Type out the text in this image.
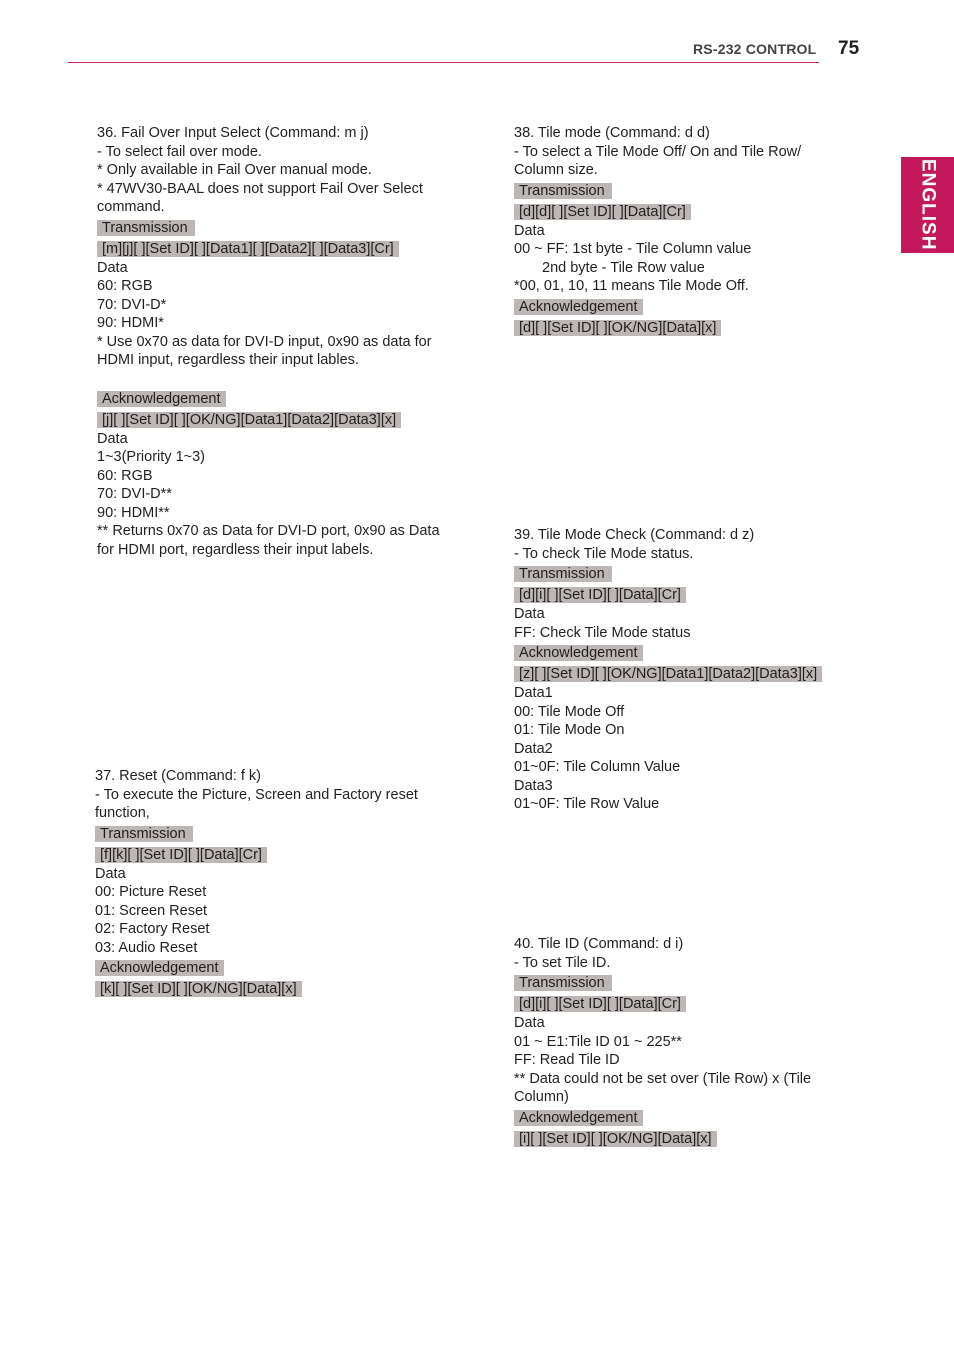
RS-232 CONTROL 75
ENGLISH
36. Fail Over Input Select (Command: m j)
- To select fail over mode.
* Only available in Fail Over manual mode.
* 47WV30-BAAL does not support Fail Over Select command.
Transmission
[m][j][ ][Set ID][ ][Data1][ ][Data2][ ][Data3][Cr]
Data
60: RGB
70: DVI-D*
90: HDMI*
* Use 0x70 as data for DVI-D input, 0x90 as data for HDMI input, regardless their input lables.
Acknowledgement
[j][ ][Set ID][ ][OK/NG][Data1][Data2][Data3][x]
Data
1~3(Priority 1~3)
60: RGB
70: DVI-D**
90: HDMI**
** Returns 0x70 as Data for DVI-D port, 0x90 as Data for HDMI port, regardless their input labels.
37. Reset (Command: f k)
- To execute the Picture, Screen and Factory reset function,
Transmission
[f][k][ ][Set ID][ ][Data][Cr]
Data
00: Picture Reset
01: Screen Reset
02: Factory Reset
03: Audio Reset
Acknowledgement
[k][ ][Set ID][ ][OK/NG][Data][x]
38. Tile mode (Command: d d)
- To select a Tile Mode Off/ On and Tile Row/ Column size.
Transmission
[d][d][ ][Set ID][ ][Data][Cr]
Data
00 ~ FF: 1st byte - Tile Column value
2nd byte - Tile Row value
*00, 01, 10, 11 means Tile Mode Off.
Acknowledgement
[d][ ][Set ID][ ][OK/NG][Data][x]
39. Tile Mode Check (Command: d z)
- To check Tile Mode status.
Transmission
[d][i][ ][Set ID][ ][Data][Cr]
Data
FF: Check Tile Mode status
Acknowledgement
[z][ ][Set ID][ ][OK/NG][Data1][Data2][Data3][x]
Data1
00: Tile Mode Off
01: Tile Mode On
Data2
01~0F: Tile Column Value
Data3
01~0F: Tile Row Value
40. Tile ID (Command: d i)
- To set Tile ID.
Transmission
[d][i][ ][Set ID][ ][Data][Cr]
Data
01 ~ E1:Tile ID 01 ~ 225**
FF: Read Tile ID
** Data could not be set over (Tile Row) x (Tile Column)
Acknowledgement
[i][ ][Set ID][ ][OK/NG][Data][x]
